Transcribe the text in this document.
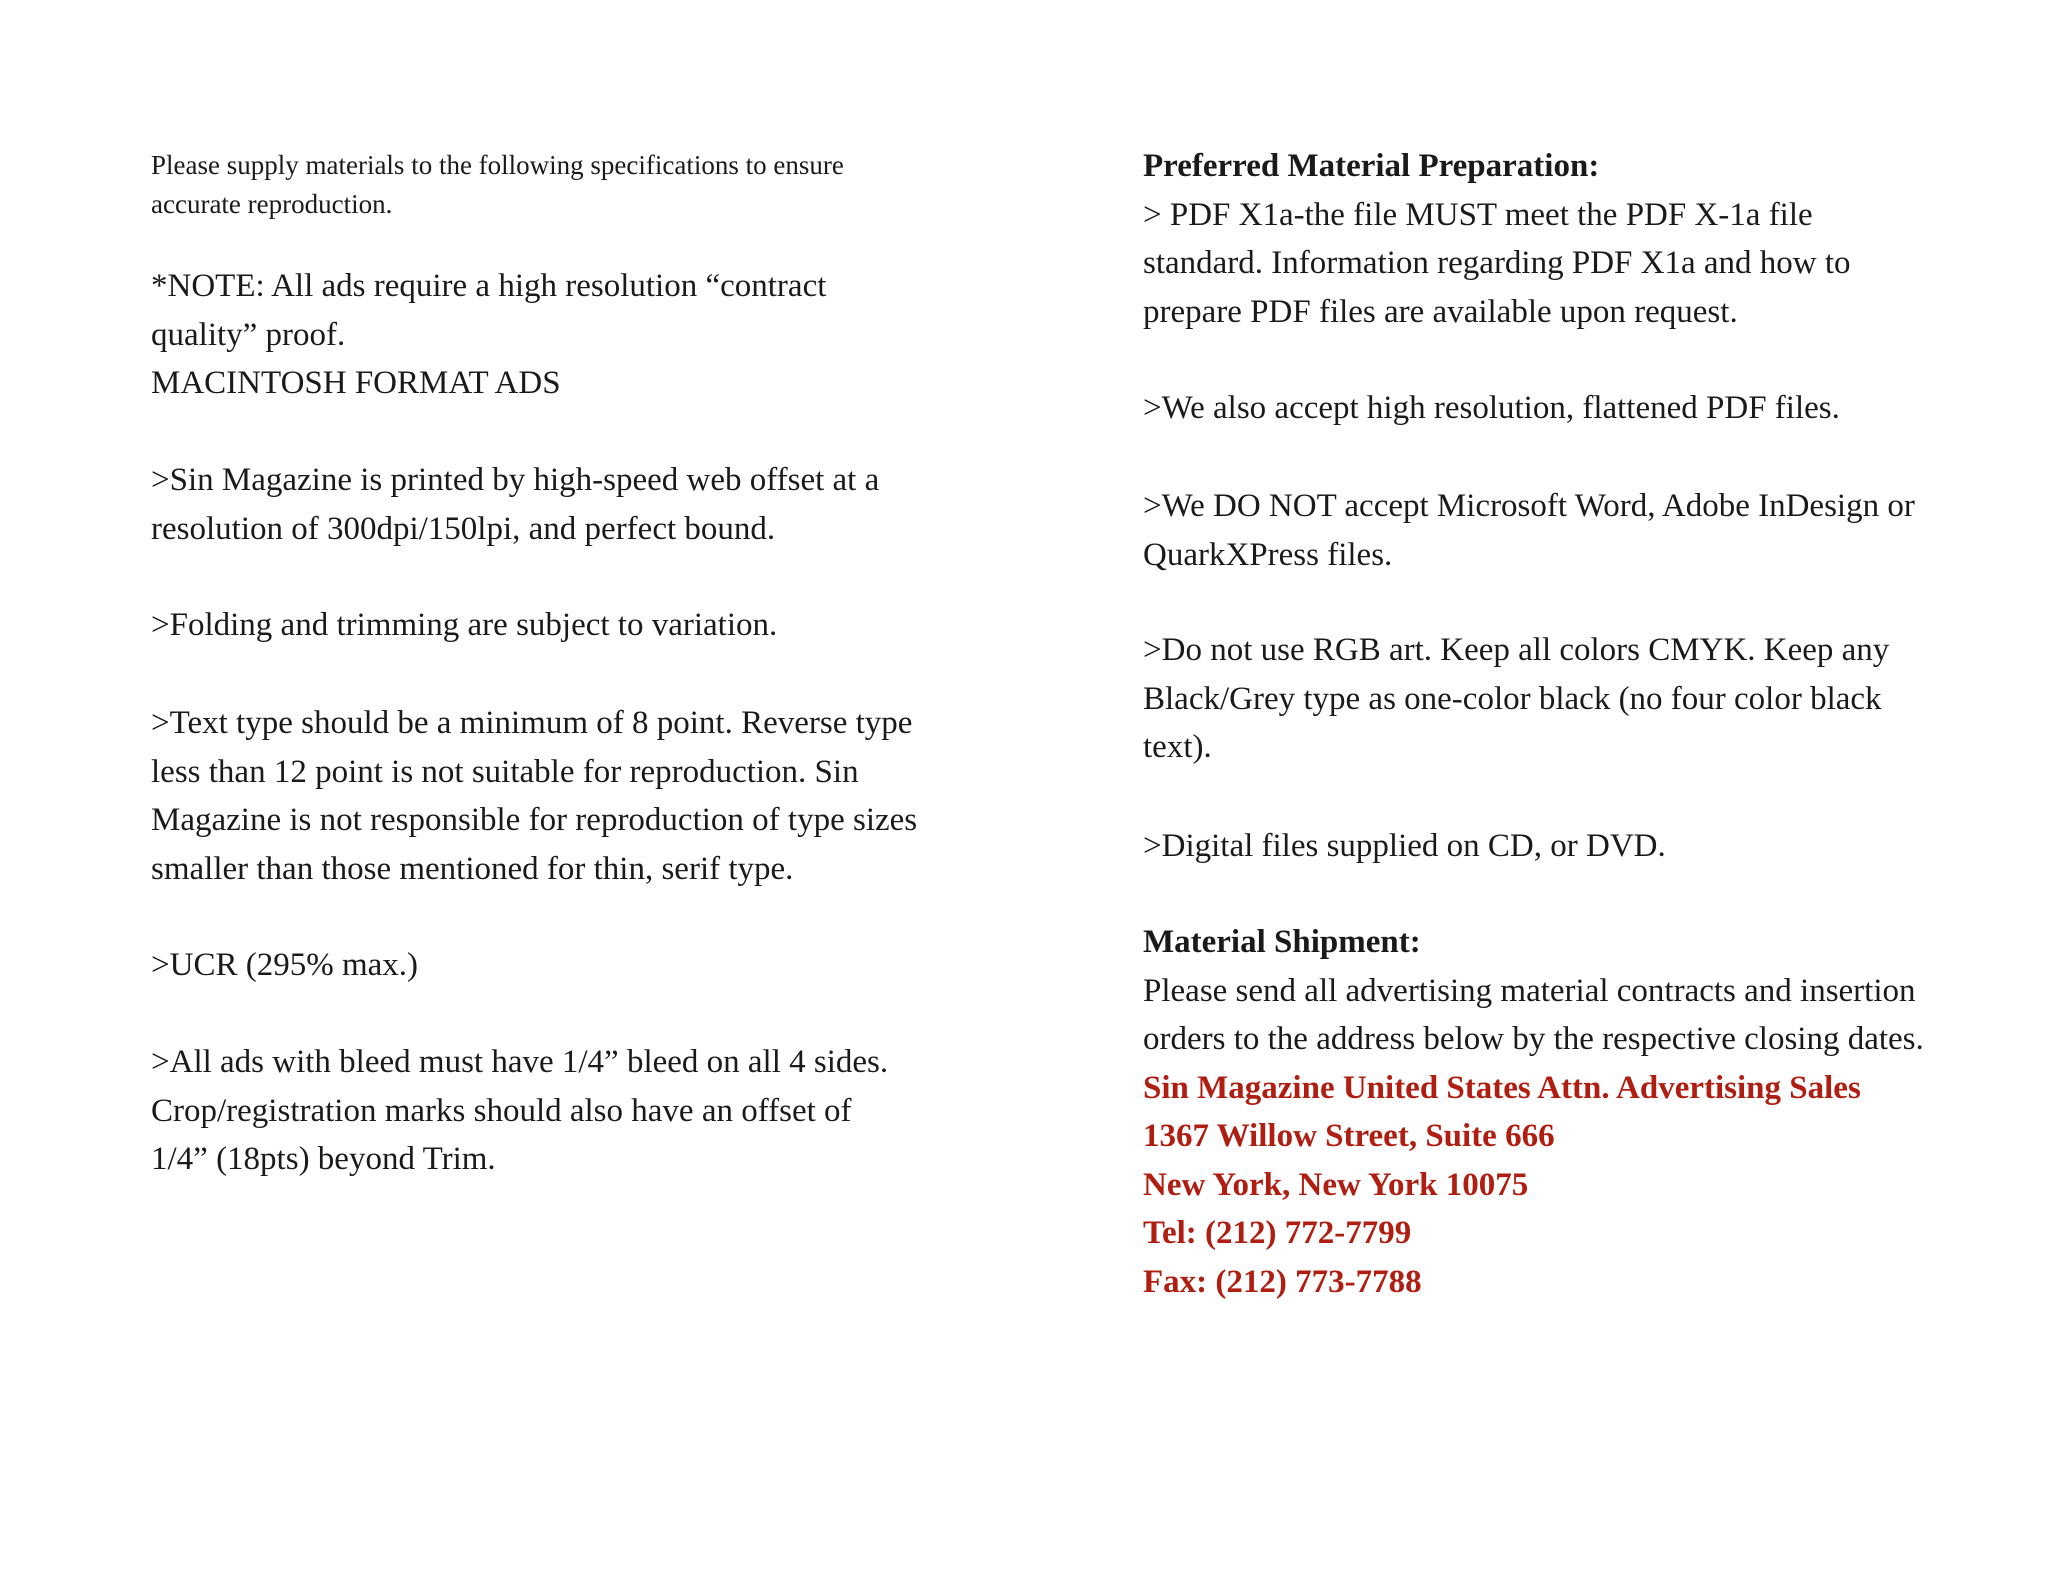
Please supply materials to the following specifications to ensure accurate reproduction.

*NOTE: All ads require a high resolution “contract
quality” proof.
MACINTOSH FORMAT ADS

>Sin Magazine is printed by high-speed web offset at a resolution of 300dpi/150lpi, and perfect bound.

>Folding and trimming are subject to variation.

>Text type should be a minimum of 8 point. Reverse type less than 12 point is not suitable for reproduction. Sin Magazine is not responsible for reproduction of type sizes smaller than those mentioned for thin, serif type.

>UCR (295% max.)

>All ads with bleed must have 1/4” bleed on all 4 sides.
Crop/registration marks should also have an offset of
1/4” (18pts) beyond Trim.
Preferred Material Preparation:
> PDF X1a-the file MUST meet the PDF X-1a file standard. Information regarding PDF X1a and how to prepare PDF files are available upon request.

>We also accept high resolution, flattened PDF files.

>We DO NOT accept Microsoft Word, Adobe InDesign or QuarkXPress files.

>Do not use RGB art. Keep all colors CMYK. Keep any Black/Grey type as one-color black (no four color black text).

>Digital files supplied on CD, or DVD.

Material Shipment:
Please send all advertising material contracts and insertion orders to the address below by the respective closing dates.
Sin Magazine United States Attn. Advertising Sales
1367 Willow Street, Suite 666
New York, New York 10075
Tel: (212) 772-7799
Fax: (212) 773-7788
